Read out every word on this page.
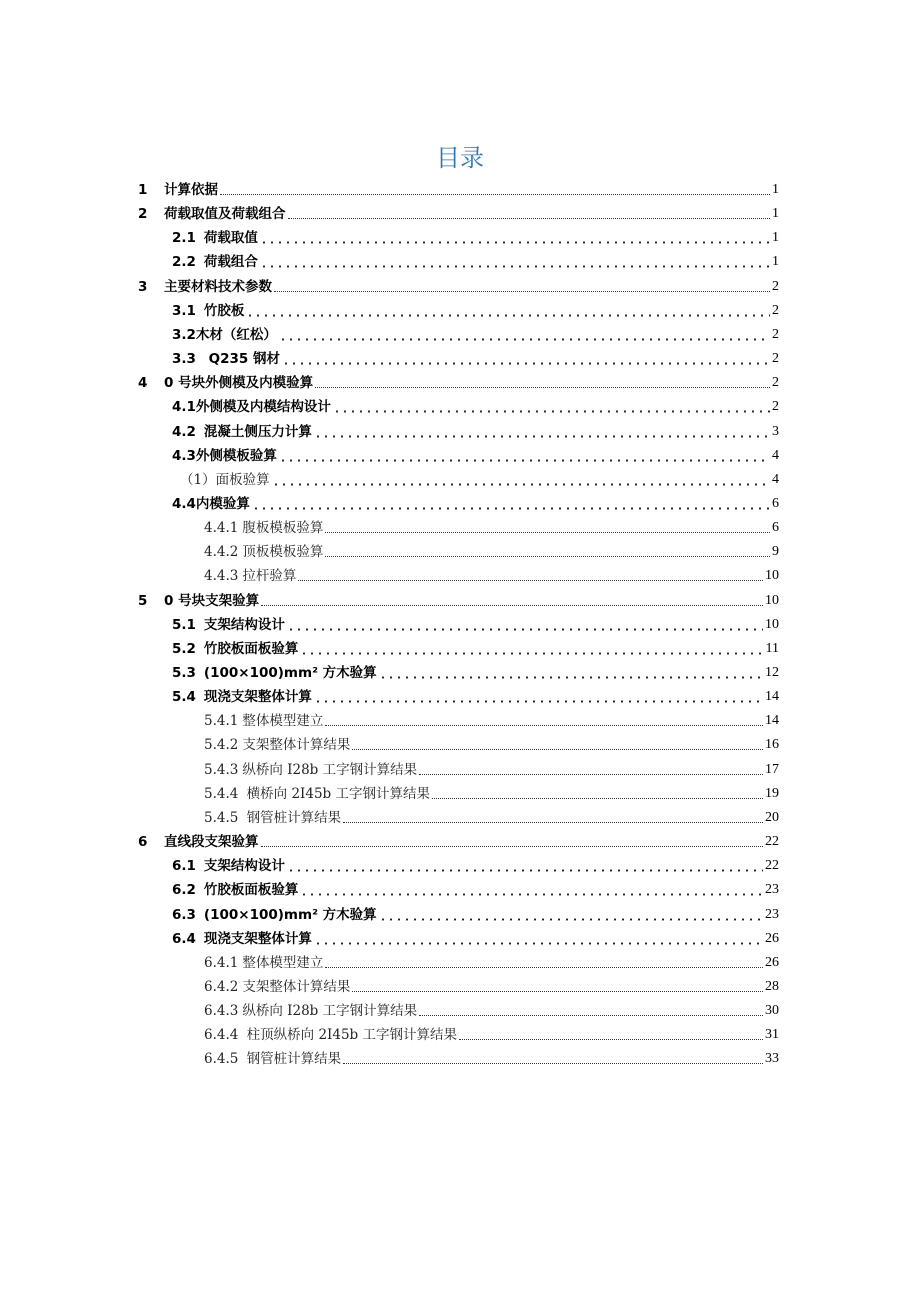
目录
1 计算依据	1
2 荷载取值及荷载组合	1
2.1 荷载取值	1
2.2 荷载组合	1
3 主要材料技术参数	2
3.1 竹胶板	2
3.2木材（红松）	2
3.3 Q235 钢材	2
4 0 号块外侧模及内模验算	2
4.1外侧模及内模结构设计	2
4.2 混凝土侧压力计算	3
4.3外侧模板验算	4
（1）面板验算	4
4.4内模验算	6
4.4.1 腹板模板验算	6
4.4.2 顶板模板验算	9
4.4.3 拉杆验算	10
5 0 号块支架验算	10
5.1 支架结构设计	10
5.2 竹胶板面板验算	11
5.3 (100×100)mm² 方木验算	12
5.4 现浇支架整体计算	14
5.4.1 整体模型建立	14
5.4.2 支架整体计算结果	16
5.4.3 纵桥向 I28b 工字钢计算结果	17
5.4.4 横桥向 2I45b 工字钢计算结果	19
5.4.5 钢管桩计算结果	20
6 直线段支架验算	22
6.1 支架结构设计	22
6.2 竹胶板面板验算	23
6.3 (100×100)mm² 方木验算	23
6.4 现浇支架整体计算	26
6.4.1 整体模型建立	26
6.4.2 支架整体计算结果	28
6.4.3 纵桥向 I28b 工字钢计算结果	30
6.4.4 柱顶纵桥向 2I45b 工字钢计算结果	31
6.4.5 钢管桩计算结果	33
